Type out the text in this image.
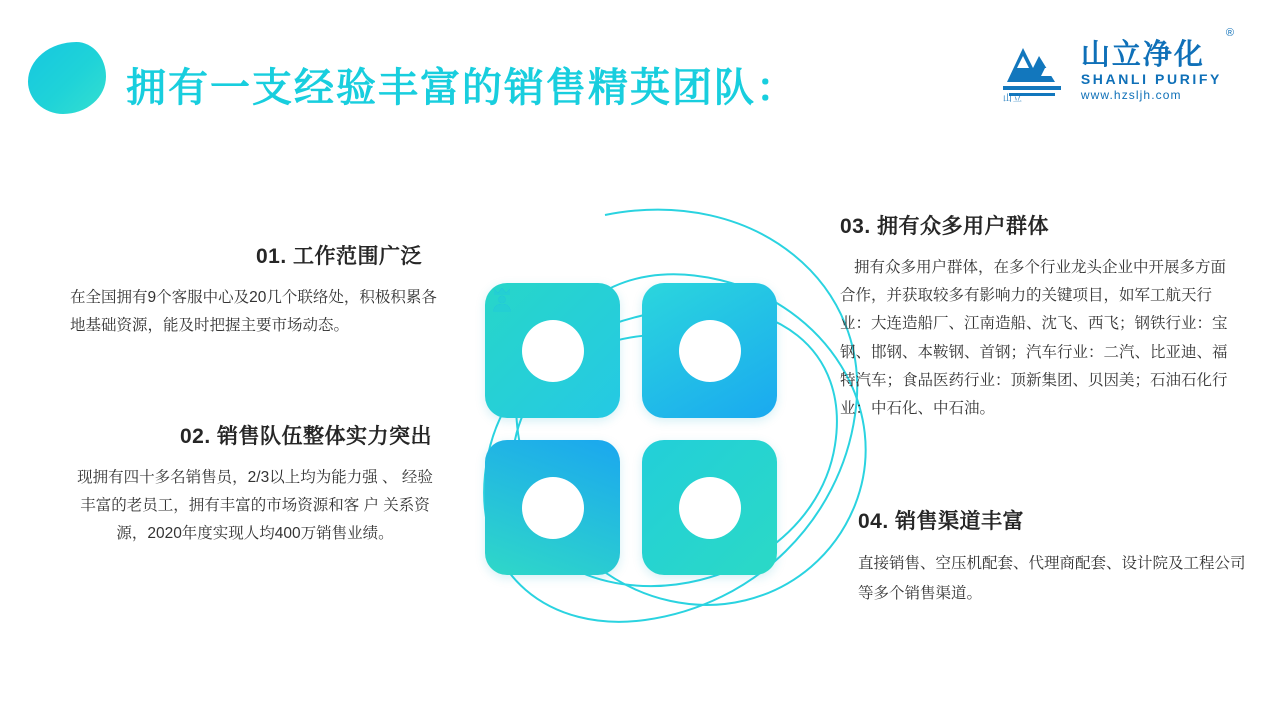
拥有一支经验丰富的销售精英团队：	山立
山立净化
®
SHANLI PURIFY
www.hzsljh.com
01. 工作范围广泛

在全国拥有9个客服中心及20几个联络处，积极积累各地基础资源，能及时把握主要市场动态。

02. 销售队伍整体实力突出

现拥有四十多名销售员，2/3以上均为能力强 、 经验丰富的老员工，拥有丰富的市场资源和客 户 关系资源，2020年度实现人均400万销售业绩。

03. 拥有众多用户群体

拥有众多用户群体，在多个行业龙头企业中开展多方面合作，并获取较多有影响力的关键项目，如军工航天行业：大连造船厂、江南造船、沈飞、西飞；钢铁行业：宝钢、邯钢、本鞍钢、首钢；汽车行业：二汽、比亚迪、福特汽车；食品医药行业：顶新集团、贝因美；石油石化行业：中石化、中石油。

04. 销售渠道丰富

直接销售、空压机配套、代理商配套、设计院及工程公司等多个销售渠道。
